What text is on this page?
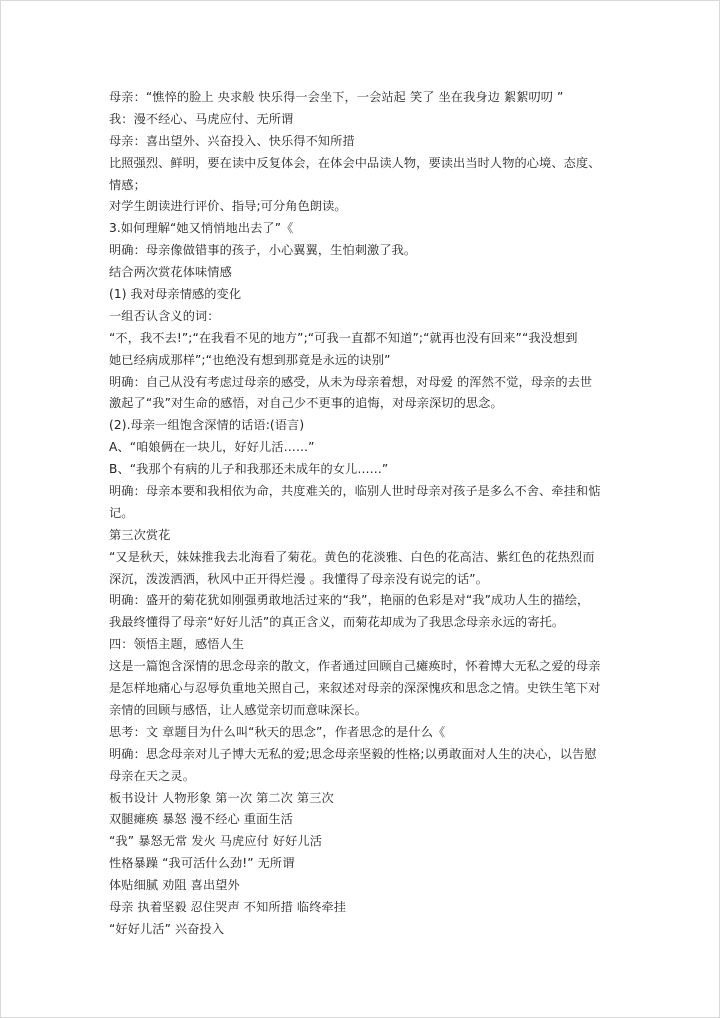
母亲：“憔悴的脸上 央求般 快乐得一会坐下，一会站起 笑了 坐在我身边 絮絮叨叨 ”
我：漫不经心、马虎应付、无所谓
母亲：喜出望外、兴奋投入、快乐得不知所措
比照强烈、鲜明，要在读中反复体会，在体会中品读人物，要读出当时人物的心境、态度、
情感；
对学生朗读进行评价、指导;可分角色朗读。
3.如何理解“她又悄悄地出去了”《
明确：母亲像做错事的孩子，小心翼翼，生怕刺激了我。
结合两次赏花体味情感
(1) 我对母亲情感的变化
一组否认含义的词：
“不，我不去!”;“在我看不见的地方”;“可我一直都不知道”;“就再也没有回来”“我没想到
她已经病成那样”;“也绝没有想到那竟是永远的诀别”
明确：自己从没有考虑过母亲的感受，从未为母亲着想，对母爱 的浑然不觉，母亲的去世
激起了“我”对生命的感悟，对自己少不更事的追悔，对母亲深切的思念。
(2).母亲一组饱含深情的话语:(语言)
A、“咱娘俩在一块儿，好好儿活……”
B、“我那个有病的儿子和我那还未成年的女儿……”
明确：母亲本要和我相依为命，共度难关的，临别人世时母亲对孩子是多么不舍、牵挂和惦
记。
第三次赏花
“又是秋天，妹妹推我去北海看了菊花。黄色的花淡雅、白色的花高洁、紫红色的花热烈而
深沉，泼泼洒洒，秋风中正开得烂漫 。我懂得了母亲没有说完的话”。
明确：盛开的菊花犹如刚强勇敢地活过来的“我”，艳丽的色彩是对“我”成功人生的描绘，
我最终懂得了母亲“好好儿活”的真正含义，而菊花却成为了我思念母亲永远的寄托。
四：领悟主题，感悟人生
这是一篇饱含深情的思念母亲的散文，作者通过回顾自己瘫痪时，怀着博大无私之爱的母亲
是怎样地痛心与忍辱负重地关照自己，来叙述对母亲的深深愧疚和思念之情。史铁生笔下对
亲情的回顾与感悟，让人感觉亲切而意味深长。
思考：文 章题目为什么叫“秋天的思念”，作者思念的是什么《
明确：思念母亲对儿子博大无私的爱;思念母亲坚毅的性格;以勇敢面对人生的决心，以告慰
母亲在天之灵。
板书设计 人物形象 第一次 第二次 第三次
双腿瘫痪 暴怒 漫不经心 重面生活
“我” 暴怒无常 发火 马虎应付 好好儿活
性格暴躁 “我可活什么劲!” 无所谓
体贴细腻 劝阻 喜出望外
母亲 执着坚毅 忍住哭声 不知所措 临终牵挂
“好好儿活” 兴奋投入
